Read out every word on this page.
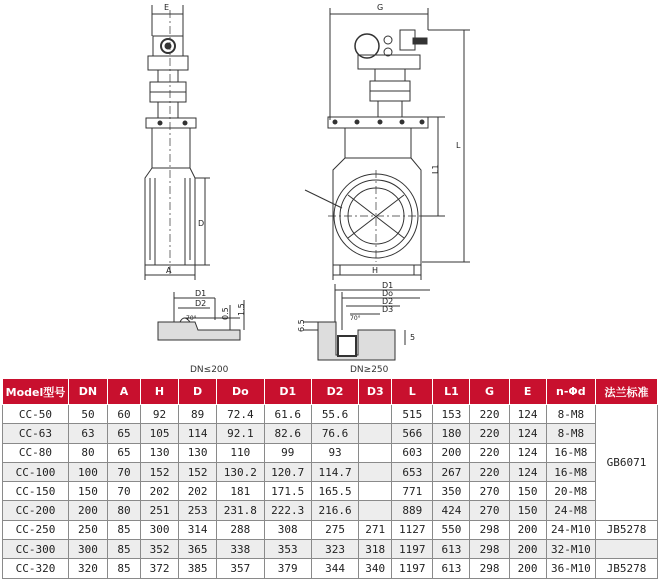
E	G
L
L1
D
A	H
D1
D2
70°	0.5 1.5
D1
Do
D2
D3
70°
6.5
5
DN≤200	DN≥250
Model型号	DN	A	H	D	Do	D1	D2	D3	L	L1	G	E	n-Φd	法兰标准
CC-50	50	60	92	89	72.4	61.6	55.6		515	153	220	124	8-M8	GB6071
CC-63	63	65	105	114	92.1	82.6	76.6		566	180	220	124	8-M8	
CC-80	80	65	130	130	110	99	93		603	200	220	124	16-M8	
CC-100	100	70	152	152	130.2	120.7	114.7		653	267	220	124	16-M8	
CC-150	150	70	202	202	181	171.5	165.5		771	350	270	150	20-M8	
CC-200	200	80	251	253	231.8	222.3	216.6		889	424	270	150	24-M8	
CC-250	250	85	300	314	288	308	275	271	1127	550	298	200	24-M10	JB5278
CC-300	300	85	352	365	338	353	323	318	1197	613	298	200	32-M10	
CC-320	320	85	372	385	357	379	344	340	1197	613	298	200	36-M10	JB5278
